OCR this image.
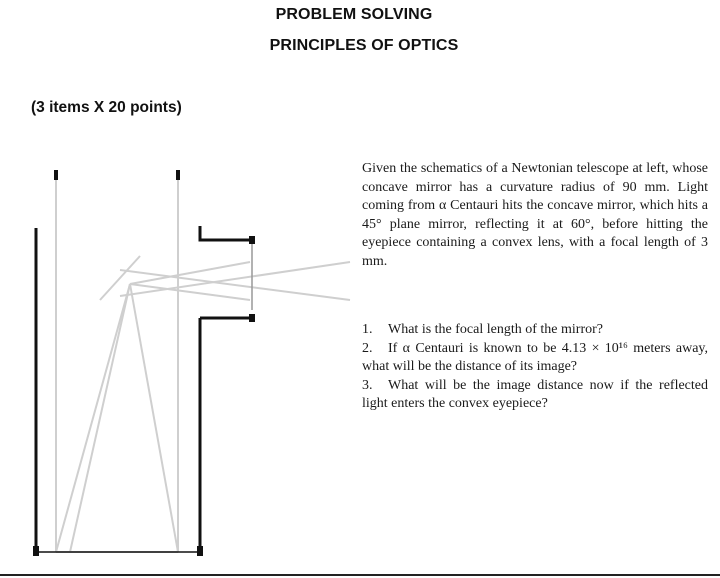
PROBLEM SOLVING
PRINCIPLES OF OPTICS
(3 items X 20 points)
Given the schematics of a Newtonian telescope at left, whose concave mirror has a curvature radius of 90 mm. Light coming from α Centauri hits the concave mirror, which hits a 45° plane mirror, reflecting it at 60°, before hitting the eyepiece containing a convex lens, with a focal length of 3 mm.

1. What is the focal length of the mirror?

2. If α Centauri is known to be 4.13 × 10¹⁶ meters away, what will be the distance of its image?

3. What will be the image distance now if the reflected light enters the convex eyepiece?
